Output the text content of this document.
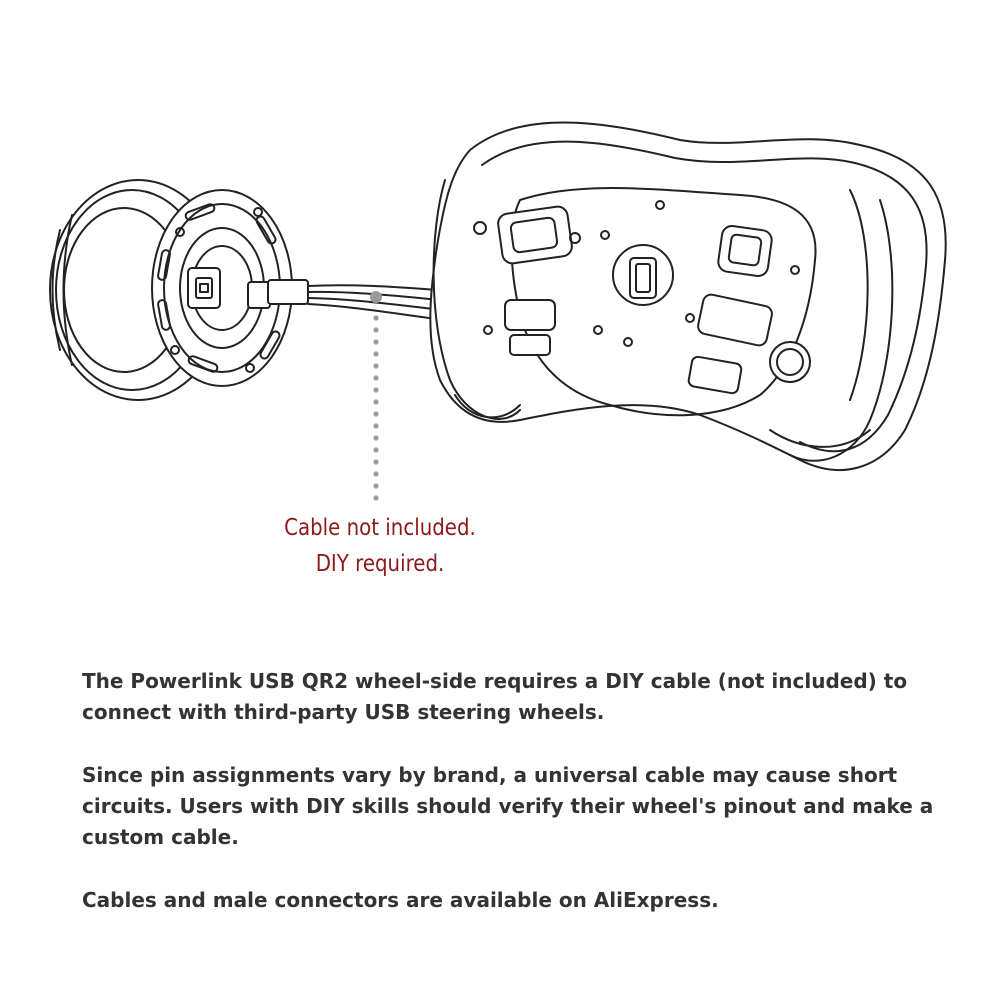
Cable not included.

DIY required.

The Powerlink USB QR2 wheel-side requires a DIY cable (not included) to connect with third-party USB steering wheels.

Since pin assignments vary by brand, a universal cable may cause short circuits. Users with DIY skills should verify their wheel's pinout and make a custom cable.

Cables and male connectors are available on AliExpress.
